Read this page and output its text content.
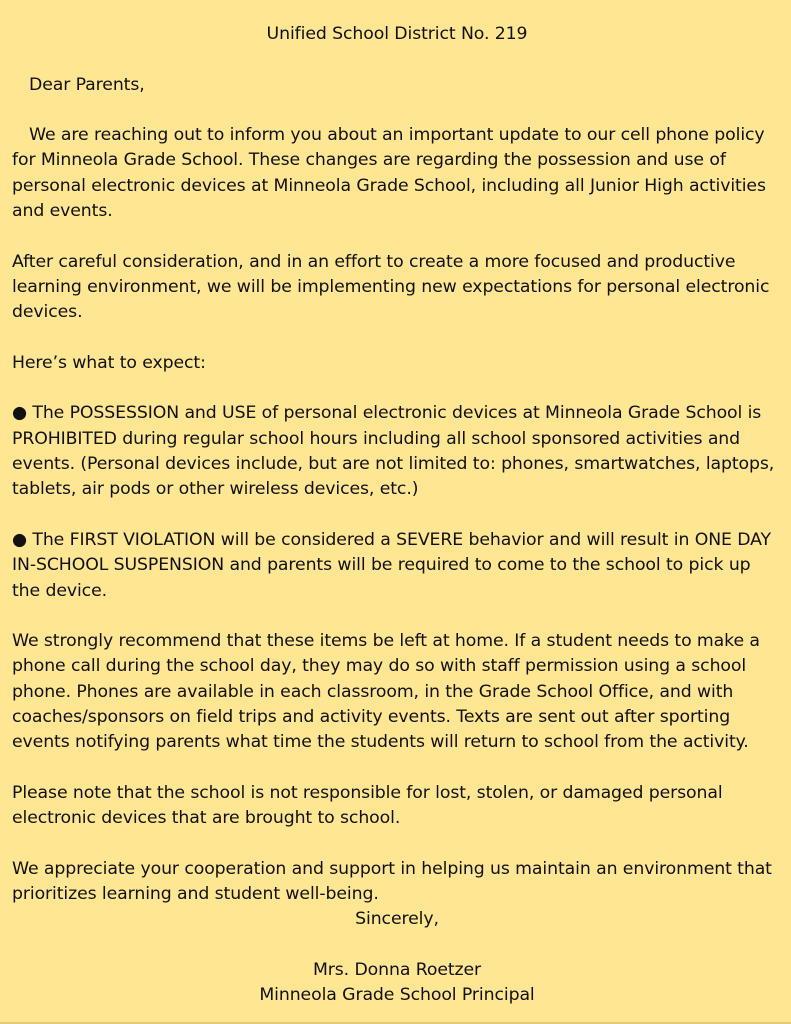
Unified School District No. 219

Dear Parents,

We are reaching out to inform you about an important update to our cell phone policy for Minneola Grade School. These changes are regarding the possession and use of personal electronic devices at Minneola Grade School, including all Junior High activities and events.

After careful consideration, and in an effort to create a more focused and productive learning environment, we will be implementing new expectations for personal electronic devices.

Here’s what to expect:

● The POSSESSION and USE of personal electronic devices at Minneola Grade School is PROHIBITED during regular school hours including all school sponsored activities and events. (Personal devices include, but are not limited to: phones, smartwatches, laptops, tablets, air pods or other wireless devices, etc.)

● The FIRST VIOLATION will be considered a SEVERE behavior and will result in ONE DAY IN-SCHOOL SUSPENSION and parents will be required to come to the school to pick up the device.

We strongly recommend that these items be left at home. If a student needs to make a phone call during the school day, they may do so with staff permission using a school phone. Phones are available in each classroom, in the Grade School Office, and with coaches/sponsors on field trips and activity events. Texts are sent out after sporting events notifying parents what time the students will return to school from the activity.

Please note that the school is not responsible for lost, stolen, or damaged personal electronic devices that are brought to school.

We appreciate your cooperation and support in helping us maintain an environment that prioritizes learning and student well-being.

Sincerely,

Mrs. Donna Roetzer

Minneola Grade School Principal
